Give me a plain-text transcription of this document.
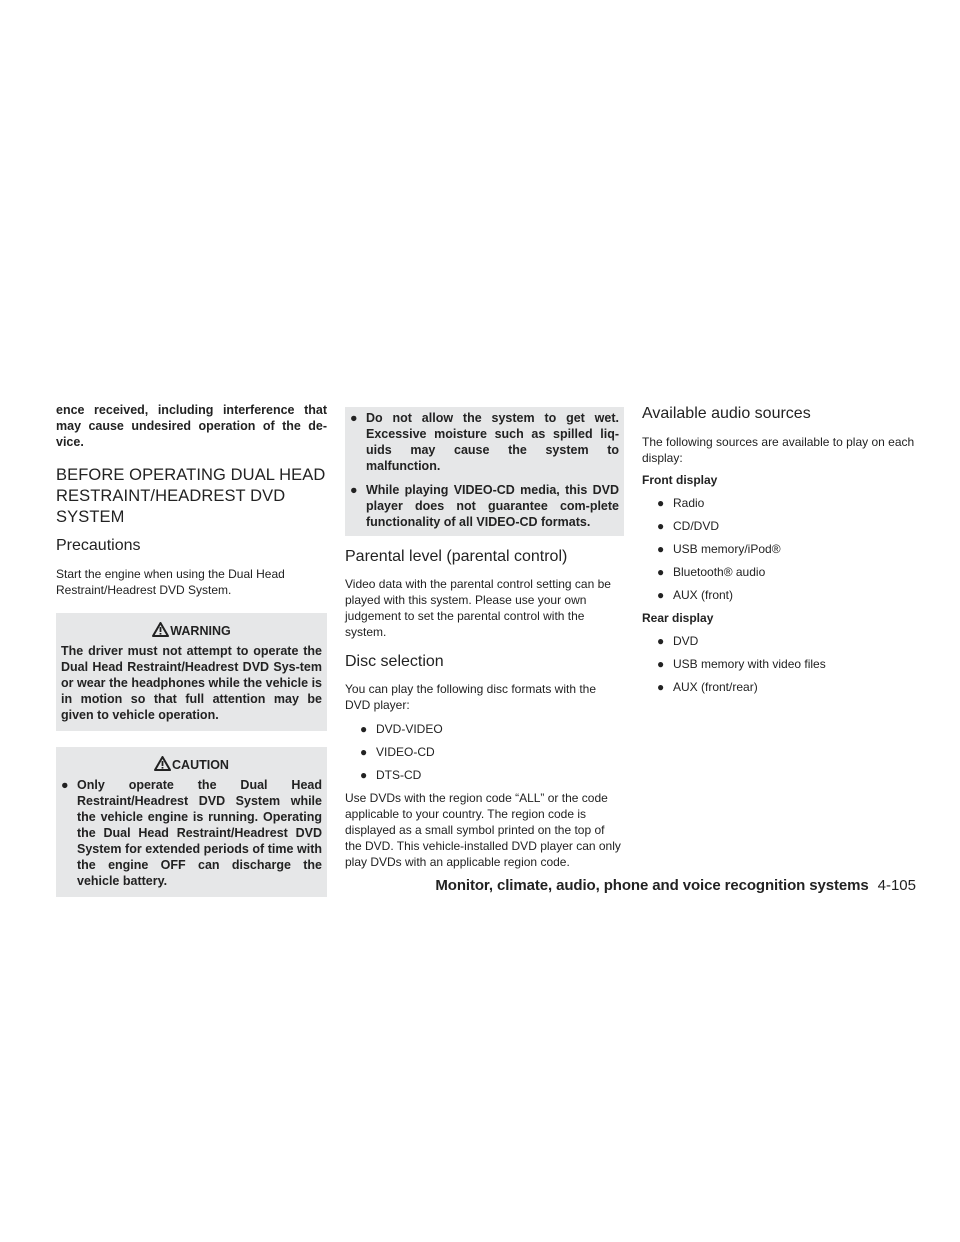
ence received, including interference that may cause undesired operation of the de-vice.

BEFORE OPERATING DUAL HEAD RESTRAINT/HEADREST DVD SYSTEM
Precautions

Start the engine when using the Dual Head Restraint/Headrest DVD System.

WARNING

The driver must not attempt to operate the Dual Head Restraint/Headrest DVD Sys-tem or wear the headphones while the vehicle is in motion so that full attention may be given to vehicle operation.

CAUTION
● Only operate the Dual Head Restraint/Headrest DVD System while the vehicle engine is running. Operating the Dual Head Restraint/Headrest DVD System for extended periods of time with the engine OFF can discharge the vehicle battery.
● Do not allow the system to get wet. Excessive moisture such as spilled liq-uids may cause the system to malfunction.
● While playing VIDEO-CD media, this DVD player does not guarantee com-plete functionality of all VIDEO-CD formats.
Parental level (parental control)

Video data with the parental control setting can be played with this system. Please use your own judgement to set the parental control with the system.

Disc selection

You can play the following disc formats with the DVD player:

● DVD-VIDEO
● VIDEO-CD
● DTS-CD

Use DVDs with the region code “ALL” or the code applicable to your country. The region code is displayed as a small symbol printed on the top of the DVD. This vehicle-installed DVD player can only play DVDs with an applicable region code.

Available audio sources

The following sources are available to play on each display:

Front display

● Radio
● CD/DVD
● USB memory/iPod®
● Bluetooth® audio
● AUX (front)

Rear display

● DVD
● USB memory with video files
● AUX (front/rear)
Monitor, climate, audio, phone and voice recognition systems 4-105
